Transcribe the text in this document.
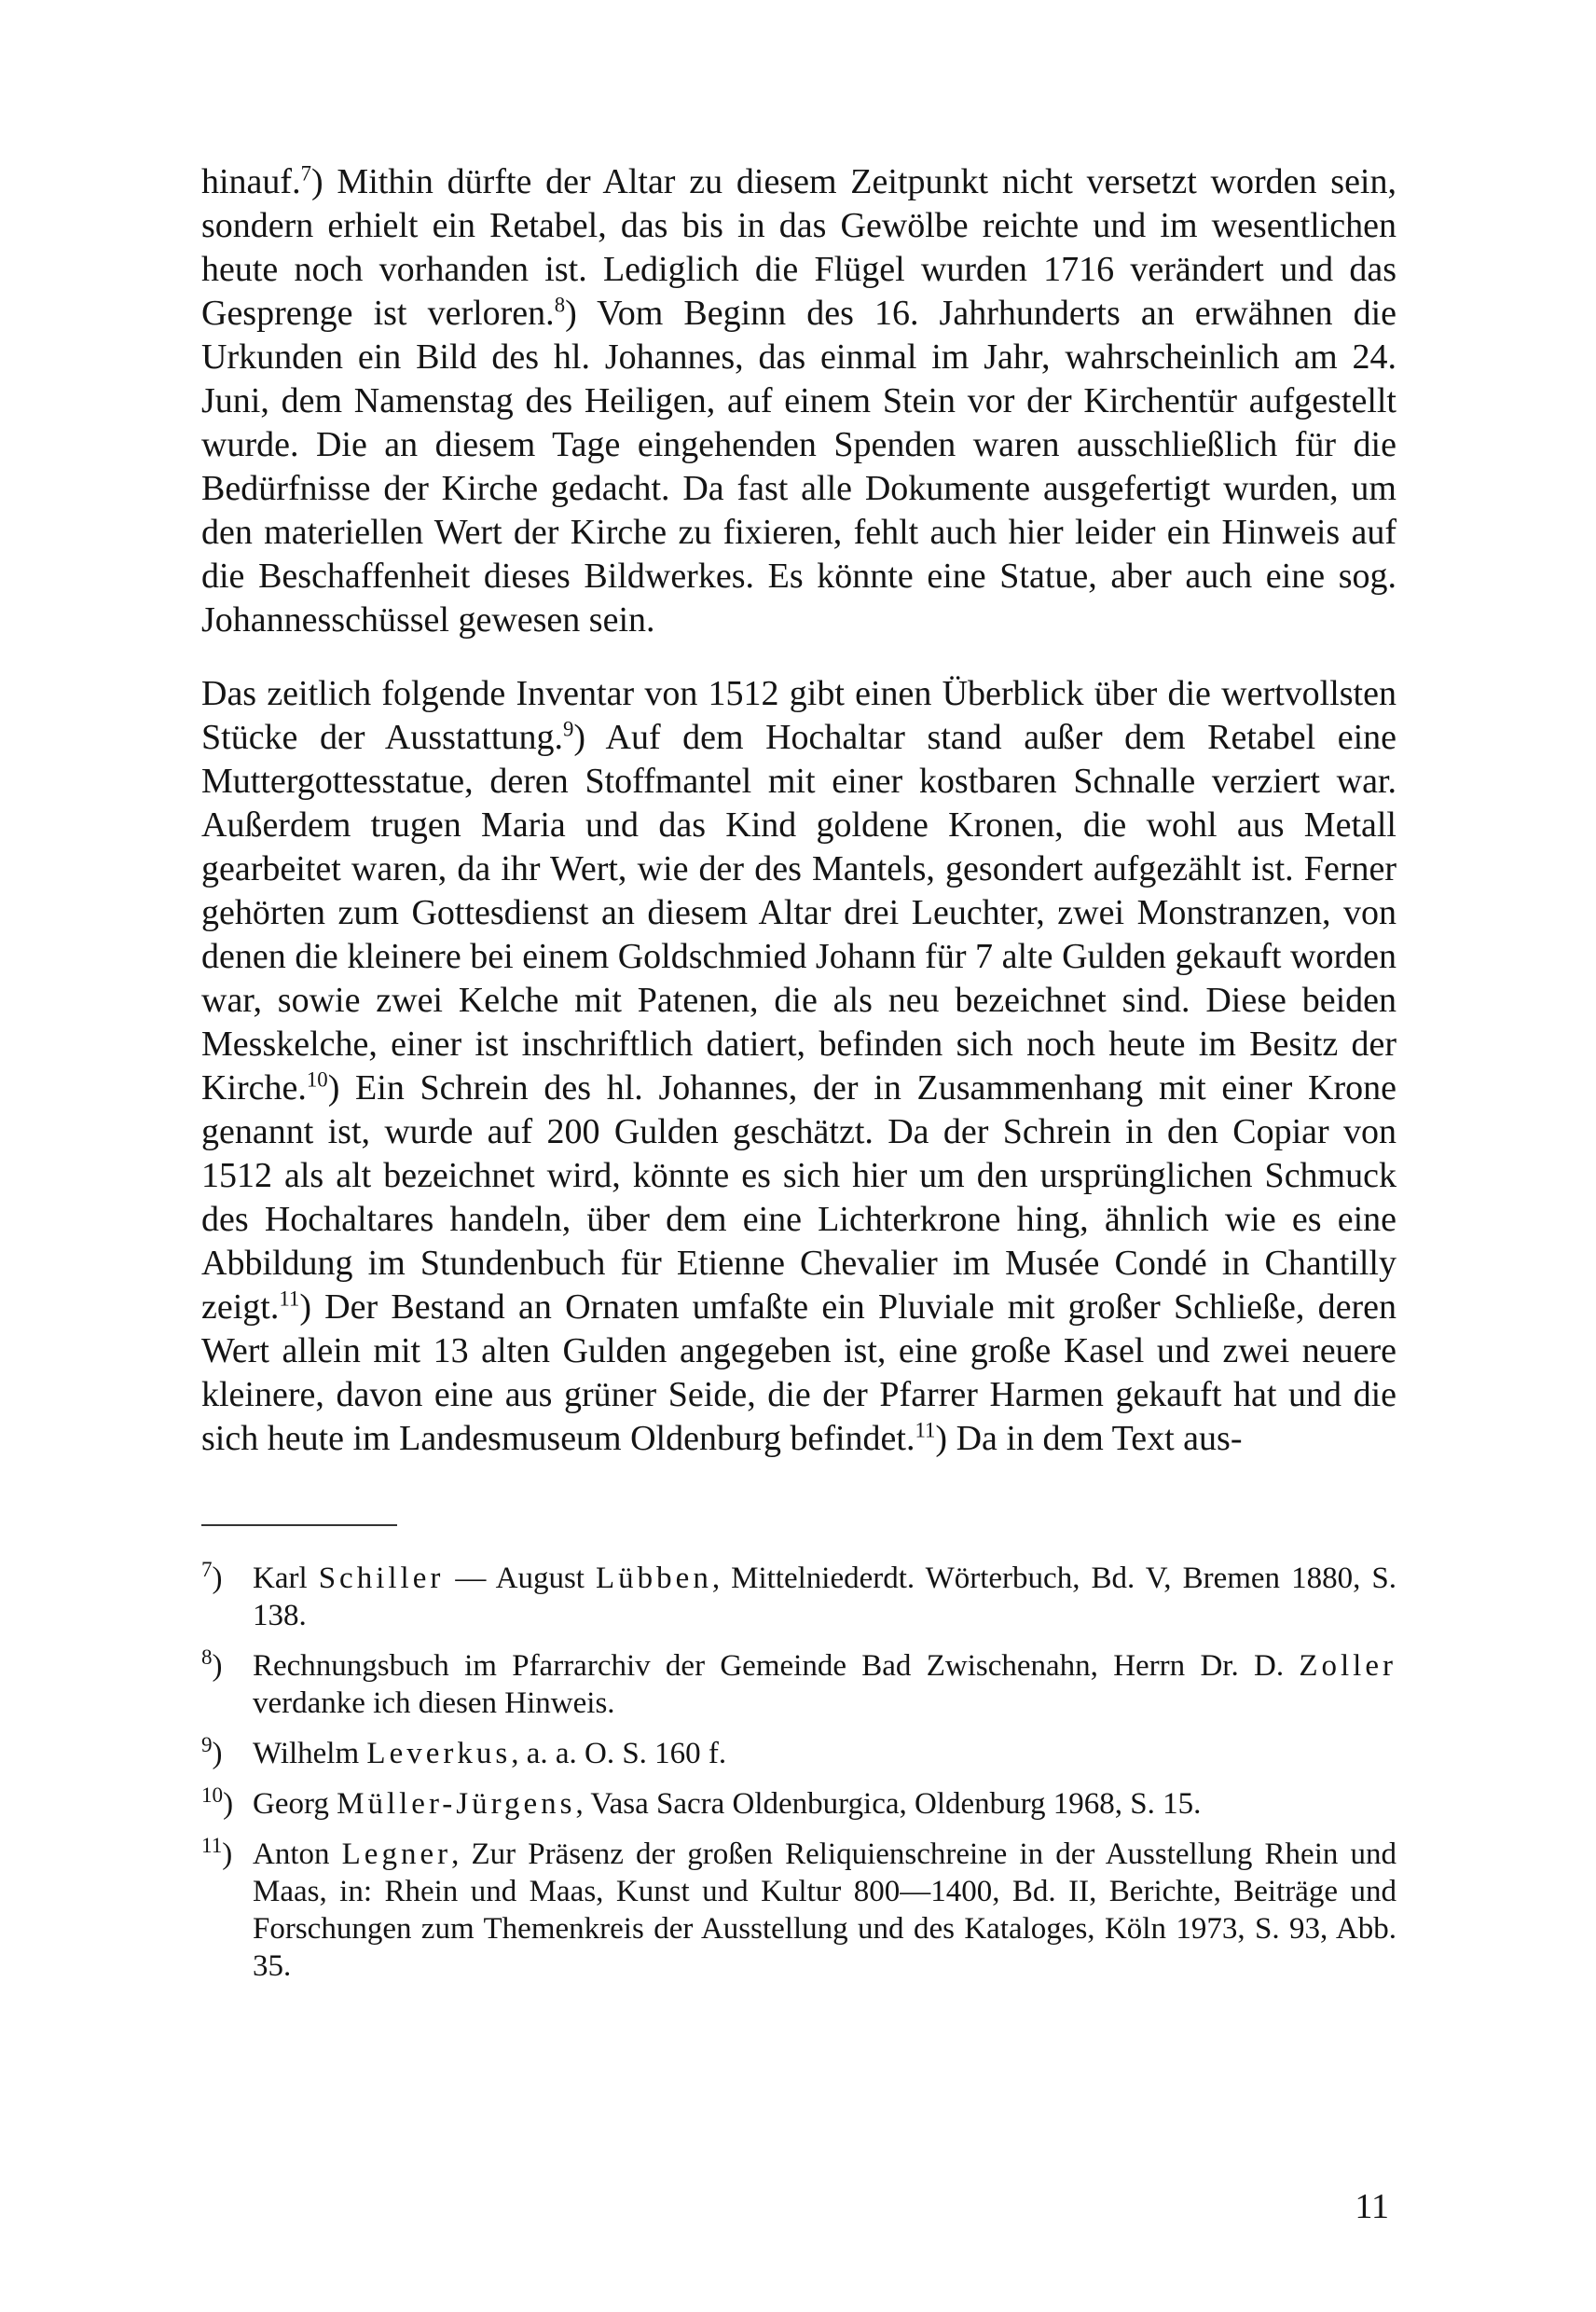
hinauf.$^7$) Mithin dürfte der Altar zu diesem Zeitpunkt nicht versetzt worden sein, sondern erhielt ein Retabel, das bis in das Gewölbe reichte und im wesentlichen heute noch vorhanden ist. Lediglich die Flügel wurden 1716 verändert und das Gesprenge ist verloren.$^8$) Vom Beginn des 16. Jahrhunderts an erwähnen die Urkunden ein Bild des hl. Johannes, das einmal im Jahr, wahrscheinlich am 24. Juni, dem Namenstag des Heiligen, auf einem Stein vor der Kirchentür aufgestellt wurde. Die an diesem Tage eingehenden Spenden waren ausschließlich für die Bedürfnisse der Kirche gedacht. Da fast alle Dokumente ausgefertigt wurden, um den materiellen Wert der Kirche zu fixieren, fehlt auch hier leider ein Hinweis auf die Beschaffenheit dieses Bildwerkes. Es könnte eine Statue, aber auch eine sog. Johannesschüssel gewesen sein.

Das zeitlich folgende Inventar von 1512 gibt einen Überblick über die wertvollsten Stücke der Ausstattung.$^9$) Auf dem Hochaltar stand außer dem Retabel eine Muttergottesstatue, deren Stoffmantel mit einer kostbaren Schnalle verziert war. Außerdem trugen Maria und das Kind goldene Kronen, die wohl aus Metall gearbeitet waren, da ihr Wert, wie der des Mantels, gesondert aufgezählt ist. Ferner gehörten zum Gottesdienst an diesem Altar drei Leuchter, zwei Monstranzen, von denen die kleinere bei einem Goldschmied Johann für 7 alte Gulden gekauft worden war, sowie zwei Kelche mit Patenen, die als neu bezeichnet sind. Diese beiden Messkelche, einer ist inschriftlich datiert, befinden sich noch heute im Besitz der Kirche.$^{10}$) Ein Schrein des hl. Johannes, der in Zusammenhang mit einer Krone genannt ist, wurde auf 200 Gulden geschätzt. Da der Schrein in den Copiar von 1512 als alt bezeichnet wird, könnte es sich hier um den ursprünglichen Schmuck des Hochaltares handeln, über dem eine Lichterkrone hing, ähnlich wie es eine Abbildung im Stundenbuch für Etienne Chevalier im Musée Condé in Chantilly zeigt.$^{11}$) Der Bestand an Ornaten umfaßte ein Pluviale mit großer Schließe, deren Wert allein mit 13 alten Gulden angegeben ist, eine große Kasel und zwei neuere kleinere, davon eine aus grüner Seide, die der Pfarrer Harmen gekauft hat und die sich heute im Landesmuseum Oldenburg befindet.$^{11}$) Da in dem Text aus-

$^7$) Karl Schiller — August Lübben, Mittelniederdt. Wörterbuch, Bd. V, Bremen 1880, S. 138.
$^8$) Rechnungsbuch im Pfarrarchiv der Gemeinde Bad Zwischenahn, Herrn Dr. D. Zoller verdanke ich diesen Hinweis.
$^9$) Wilhelm Leverkus, a. a. O. S. 160 f.
$^{10}$) Georg Müller-Jürgens, Vasa Sacra Oldenburgica, Oldenburg 1968, S. 15.
$^{11}$) Anton Legner, Zur Präsenz der großen Reliquienschreine in der Ausstellung Rhein und Maas, in: Rhein und Maas, Kunst und Kultur 800—1400, Bd. II, Berichte, Beiträge und Forschungen zum Themenkreis der Ausstellung und des Kataloges, Köln 1973, S. 93, Abb. 35.
11
